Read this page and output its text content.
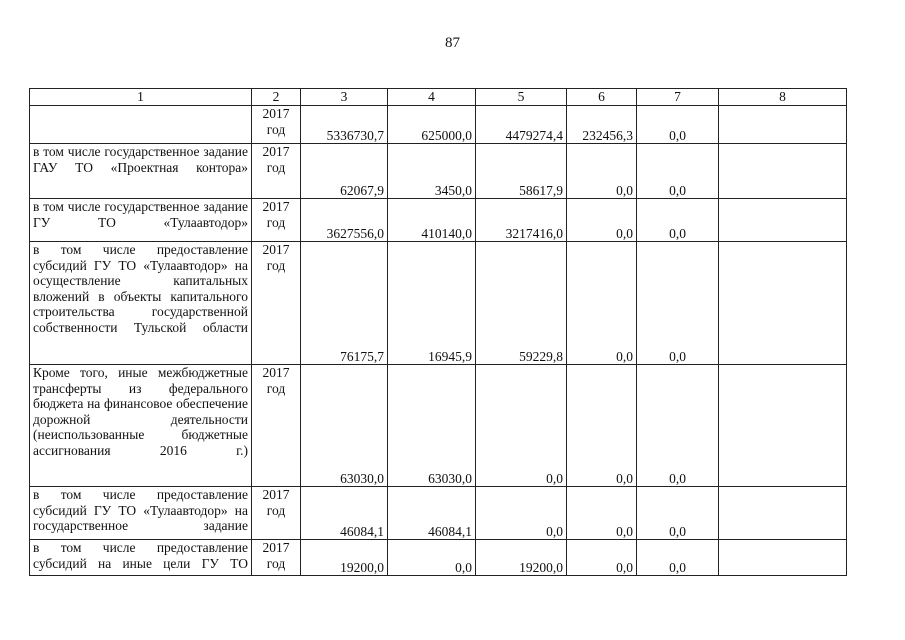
87
1	2	3	4	5	6	7	8
	2017 год	5336730,7	625000,0	4479274,4	232456,3	0,0	
в том числе государственное задание ГАУ ТО «Проектная контора»	2017 год	62067,9	3450,0	58617,9	0,0	0,0	
в том числе государственное задание ГУ ТО «Тулаавтодор»	2017 год	3627556,0	410140,0	3217416,0	0,0	0,0	
в том числе предоставление субсидий ГУ ТО «Тулаавтодор» на осуществление капитальных вложений в объекты капитального строительства государственной собственности Тульской области	2017 год	76175,7	16945,9	59229,8	0,0	0,0	
Кроме того, иные межбюджетные трансферты из федерального бюджета на финансовое обеспечение дорожной деятельности (неиспользованные бюджетные ассигнования 2016 г.)	2017 год	63030,0	63030,0	0,0	0,0	0,0	
в том числе предоставление субсидий ГУ ТО «Тулаавтодор» на государственное задание	2017 год	46084,1	46084,1	0,0	0,0	0,0	
в том числе предоставление субсидий на иные цели ГУ ТО	2017 год	19200,0	0,0	19200,0	0,0	0,0	
